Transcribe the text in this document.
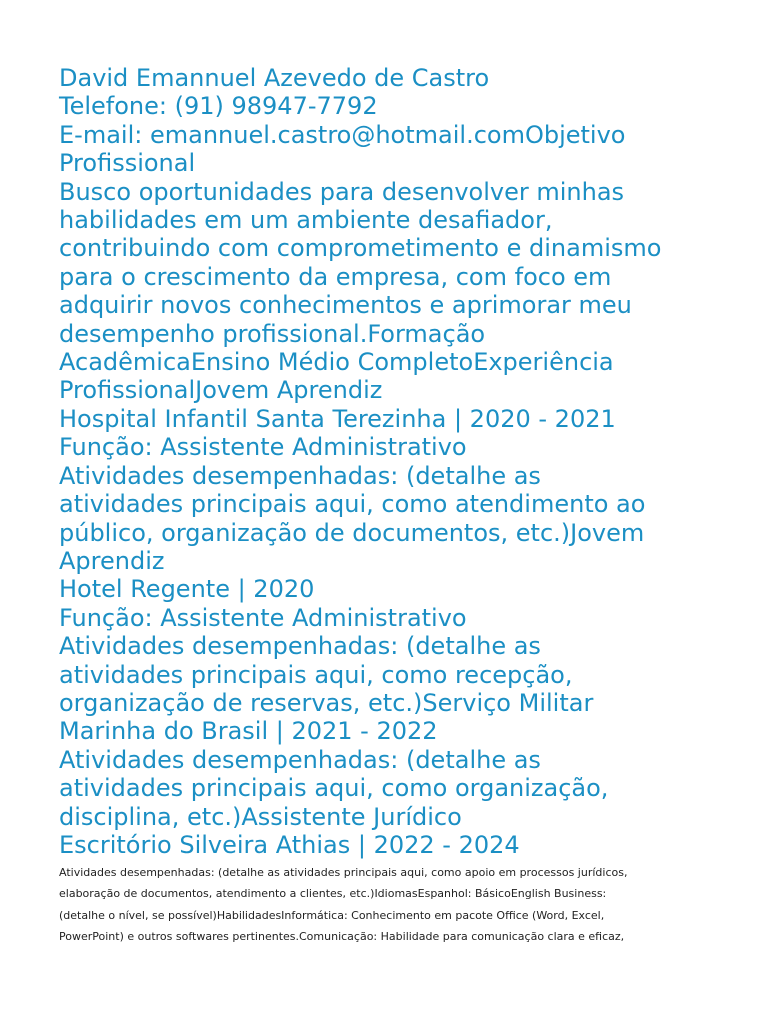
David Emannuel Azevedo de Castro
Telefone: (91) 98947-7792
E-mail: emannuel.castro@hotmail.comObjetivo
Profissional
Busco oportunidades para desenvolver minhas
habilidades em um ambiente desafiador,
contribuindo com comprometimento e dinamismo
para o crescimento da empresa, com foco em
adquirir novos conhecimentos e aprimorar meu
desempenho profissional.Formação
AcadêmicaEnsino Médio CompletoExperiência
ProfissionalJovem Aprendiz
Hospital Infantil Santa Terezinha | 2020 - 2021
Função: Assistente Administrativo
Atividades desempenhadas: (detalhe as
atividades principais aqui, como atendimento ao
público, organização de documentos, etc.)Jovem
Aprendiz
Hotel Regente | 2020
Função: Assistente Administrativo
Atividades desempenhadas: (detalhe as
atividades principais aqui, como recepção,
organização de reservas, etc.)Serviço Militar
Marinha do Brasil | 2021 - 2022
Atividades desempenhadas: (detalhe as
atividades principais aqui, como organização,
disciplina, etc.)Assistente Jurídico
Escritório Silveira Athias | 2022 - 2024
Atividades desempenhadas: (detalhe as atividades principais aqui, como apoio em processos jurídicos,
elaboração de documentos, atendimento a clientes, etc.)IdiomasEspanhol: BásicoEnglish Business:
(detalhe o nível, se possível)HabilidadesInformática: Conhecimento em pacote Office (Word, Excel,
PowerPoint) e outros softwares pertinentes.Comunicação: Habilidade para comunicação clara e eficaz,
